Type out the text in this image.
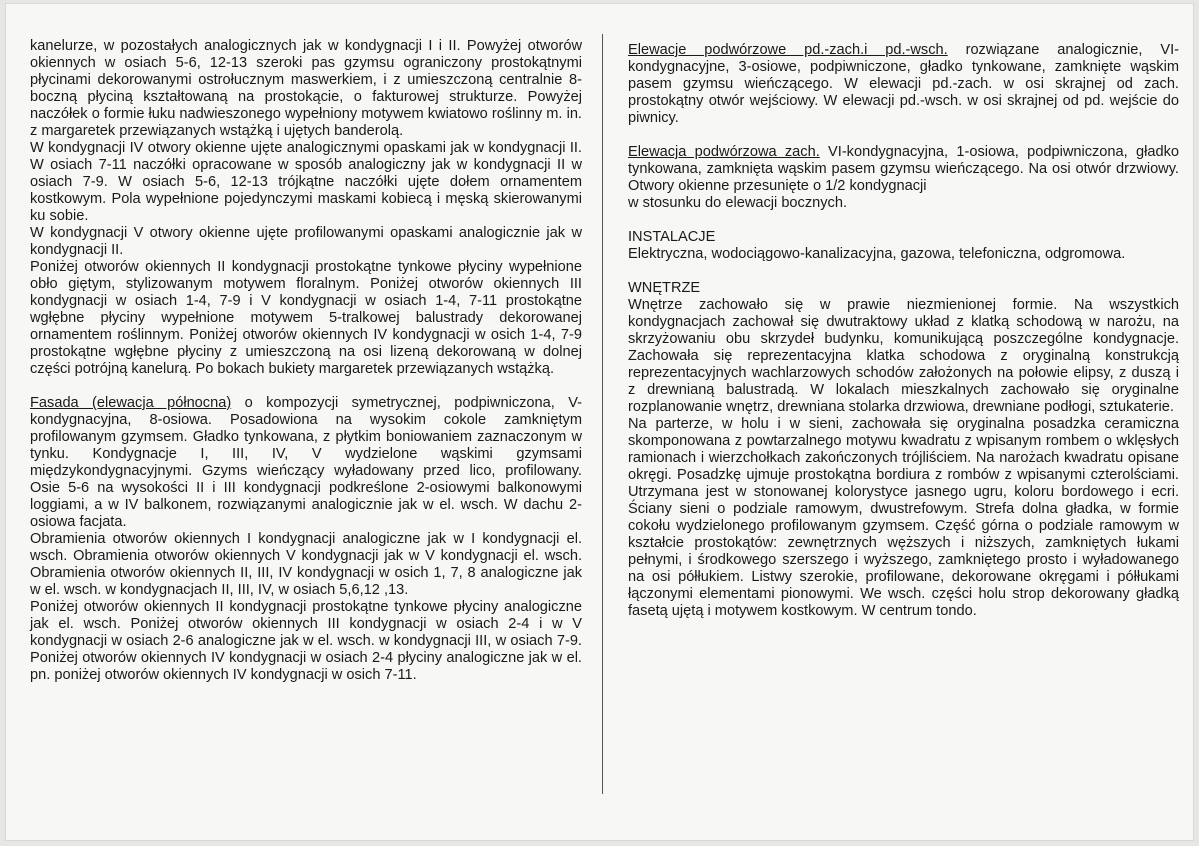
kanelurze, w pozostałych analogicznych jak w kondygnacji I i II. Powyżej otworów okiennych w osiach 5-6, 12-13 szeroki pas gzymsu ograniczony prostokątnymi płycinami dekorowanymi ostrołucznym maswerkiem, i z umieszczoną centralnie 8-boczną płyciną kształtowaną na prostokącie, o fakturowej strukturze. Powyżej naczółek o formie łuku nadwieszonego wypełniony motywem kwiatowo roślinny m. in. z margaretek przewiązanych wstążką i ujętych banderolą.

W kondygnacji IV otwory okienne ujęte analogicznymi opaskami jak w kondygnacji II. W osiach 7-11 naczółki opracowane w sposób analogiczny jak w kondygnacji II w osiach 7-9. W osiach 5-6, 12-13 trójkątne naczółki ujęte dołem ornamentem kostkowym. Pola wypełnione pojedynczymi maskami kobiecą i męską skierowanymi ku sobie.

W kondygnacji V otwory okienne ujęte profilowanymi opaskami analogicznie jak w kondygnacji II.

Poniżej otworów okiennych II kondygnacji prostokątne tynkowe płyciny wypełnione obło giętym, stylizowanym motywem floralnym. Poniżej otworów okiennych III kondygnacji w osiach 1-4, 7-9 i V kondygnacji w osiach 1-4, 7-11 prostokątne wgłębne płyciny wypełnione motywem 5-tralkowej balustrady dekorowanej ornamentem roślinnym. Poniżej otworów okiennych IV kondygnacji w osich 1-4, 7-9 prostokątne wgłębne płyciny z umieszczoną na osi lizeną dekorowaną w dolnej części potrójną kanelurą. Po bokach bukiety margaretek przewiązanych wstążką.

Fasada (elewacja północna) o kompozycji symetrycznej, podpiwniczona, V-kondygnacyjna, 8-osiowa. Posadowiona na wysokim cokole zamkniętym profilowanym gzymsem. Gładko tynkowana, z płytkim boniowaniem zaznaczonym w tynku. Kondygnacje I, III, IV, V wydzielone wąskimi gzymsami międzykondygnacyjnymi. Gzyms wieńczący wyładowany przed lico, profilowany. Osie 5-6 na wysokości II i III kondygnacji podkreślone 2-osiowymi balkonowymi loggiami, a w IV balkonem, rozwiązanymi analogicznie jak w el. wsch. W dachu 2-osiowa facjata.

Obramienia otworów okiennych I kondygnacji analogiczne jak w I kondygnacji el. wsch. Obramienia otworów okiennych V kondygnacji jak w V kondygnacji el. wsch. Obramienia otworów okiennych II, III, IV kondygnacji w osich 1, 7, 8 analogiczne jak w el. wsch. w kondygnacjach II, III, IV, w osiach 5,6,12 ,13.

Poniżej otworów okiennych II kondygnacji prostokątne tynkowe płyciny analogiczne jak el. wsch. Poniżej otworów okiennych III kondygnacji w osiach 2-4 i w V kondygnacji w osiach 2-6 analogiczne jak w el. wsch. w kondygnacji III, w osiach 7-9. Poniżej otworów okiennych IV kondygnacji w osiach 2-4 płyciny analogiczne jak w el. pn. poniżej otworów okiennych IV kondygnacji w osich 7-11.

Elewacje podwórzowe pd.-zach.i pd.-wsch. rozwiązane analogicznie, VI-kondygnacyjne, 3-osiowe, podpiwniczone, gładko tynkowane, zamknięte wąskim pasem gzymsu wieńczącego. W elewacji pd.-zach. w osi skrajnej od zach. prostokątny otwór wejściowy. W elewacji pd.-wsch. w osi skrajnej od pd. wejście do piwnicy.

Elewacja podwórzowa zach. VI-kondygnacyjna, 1-osiowa, podpiwniczona, gładko tynkowana, zamknięta wąskim pasem gzymsu wieńczącego. Na osi otwór drzwiowy. Otwory okienne przesunięte o 1/2 kondygnacji

w stosunku do elewacji bocznych.

INSTALACJE

Elektryczna, wodociągowo-kanalizacyjna, gazowa, telefoniczna, odgromowa.

WNĘTRZE

Wnętrze zachowało się w prawie niezmienionej formie. Na wszystkich kondygnacjach zachował się dwutraktowy układ z klatką schodową w narożu, na skrzyżowaniu obu skrzydeł budynku, komunikującą poszczególne kondygnacje. Zachowała się reprezentacyjna klatka schodowa z oryginalną konstrukcją reprezentacyjnych wachlarzowych schodów założonych na połowie elipsy, z duszą i z drewnianą balustradą. W lokalach mieszkalnych zachowało się oryginalne rozplanowanie wnętrz, drewniana stolarka drzwiowa, drewniane podłogi, sztukaterie.

Na parterze, w holu i w sieni, zachowała się oryginalna posadzka ceramiczna skomponowana z powtarzalnego motywu kwadratu z wpisanym rombem o wklęsłych ramionach i wierzchołkach zakończonych trójliściem. Na narożach kwadratu opisane okręgi. Posadzkę ujmuje prostokątna bordiura z rombów z wpisanymi czterolściami. Utrzymana jest w stonowanej kolorystyce jasnego ugru, koloru bordowego i ecri. Ściany sieni o podziale ramowym, dwustrefowym. Strefa dolna gładka, w formie cokołu wydzielonego profilowanym gzymsem. Część górna o podziale ramowym w kształcie prostokątów: zewnętrznych węższych i niższych, zamkniętych łukami pełnymi, i środkowego szerszego i wyższego, zamkniętego prosto i wyładowanego na osi półłukiem. Listwy szerokie, profilowane, dekorowane okręgami i półłukami łączonymi elementami pionowymi. We wsch. części holu strop dekorowany gładką fasetą ujętą i motywem kostkowym. W centrum tondo.
